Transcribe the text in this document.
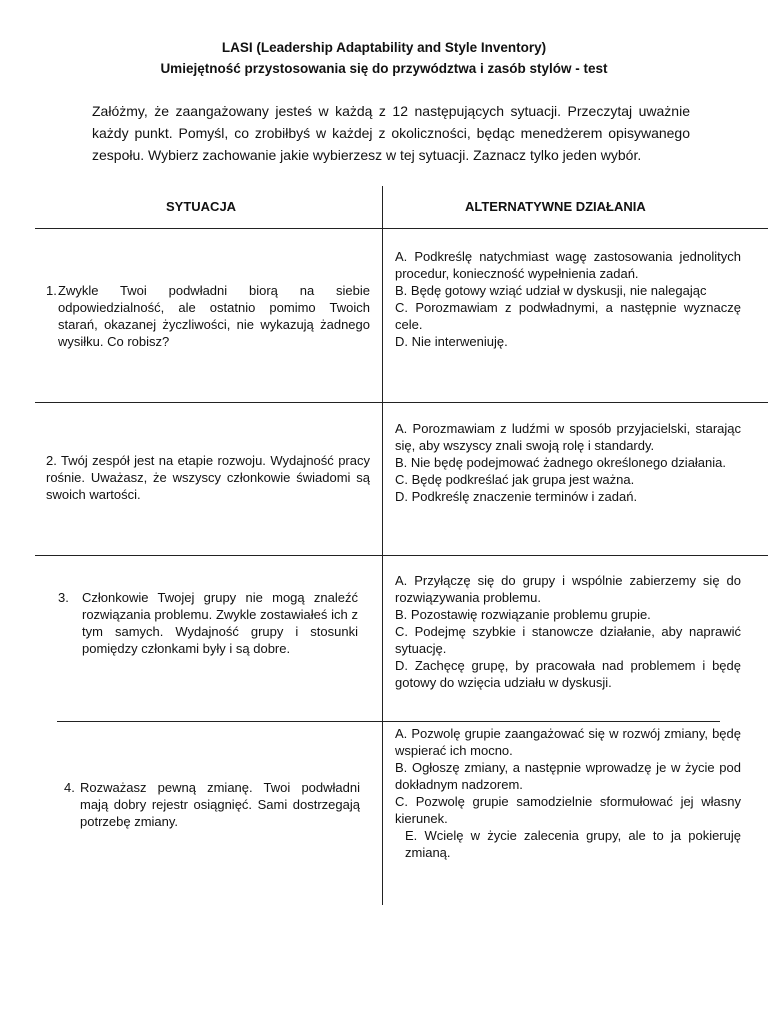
LASI (Leadership Adaptability and Style Inventory)
Umiejętność przystosowania się do przywództwa i zasób stylów - test
Załóżmy, że zaangażowany jesteś w każdą z 12 następujących sytuacji. Przeczytaj uważnie każdy punkt. Pomyśl, co zrobiłbyś w każdej z okoliczności, będąc menedżerem opisywanego zespołu. Wybierz zachowanie jakie wybierzesz w tej sytuacji. Zaznacz tylko jeden wybór.
SYTUACJA	ALTERNATYWNE DZIAŁANIA
1. Zwykle Twoi podwładni biorą na siebie odpowiedzialność, ale ostatnio pomimo Twoich starań, okazanej życzliwości, nie wykazują żadnego wysiłku. Co robisz?
A. Podkreślę natychmiast wagę zastosowania jednolitych procedur, konieczność wypełnienia zadań.
B. Będę gotowy wziąć udział w dyskusji, nie nalegając
C. Porozmawiam z podwładnymi, a następnie wyznaczę cele.
D. Nie interweniuję.
2. Twój zespół jest na etapie rozwoju. Wydajność pracy rośnie. Uważasz, że wszyscy członkowie świadomi są swoich wartości.
A. Porozmawiam z ludźmi w sposób przyjacielski, starając się, aby wszyscy znali swoją rolę i standardy.
B. Nie będę podejmować żadnego określonego działania.
C. Będę podkreślać jak grupa jest ważna.
D. Podkreślę znaczenie terminów i zadań.
3. Członkowie Twojej grupy nie mogą znaleźć rozwiązania problemu. Zwykle zostawiałeś ich z tym samych. Wydajność grupy i stosunki pomiędzy członkami były i są dobre.
A. Przyłączę się do grupy i wspólnie zabierzemy się do rozwiązywania problemu.
B. Pozostawię rozwiązanie problemu grupie.
C. Podejmę szybkie i stanowcze działanie, aby naprawić sytuację.
D. Zachęcę grupę, by pracowała nad problemem i będę gotowy do wzięcia udziału w dyskusji.
4. Rozważasz pewną zmianę. Twoi podwładni mają dobry rejestr osiągnięć. Sami dostrzegają potrzebę zmiany.
A. Pozwolę grupie zaangażować się w rozwój zmiany, będę wspierać ich mocno.
B. Ogłoszę zmiany, a następnie wprowadzę je w życie pod dokładnym nadzorem.
C. Pozwolę grupie samodzielnie sformułować jej własny kierunek.
E. Wcielę w życie zalecenia grupy, ale to ja pokieruję zmianą.
